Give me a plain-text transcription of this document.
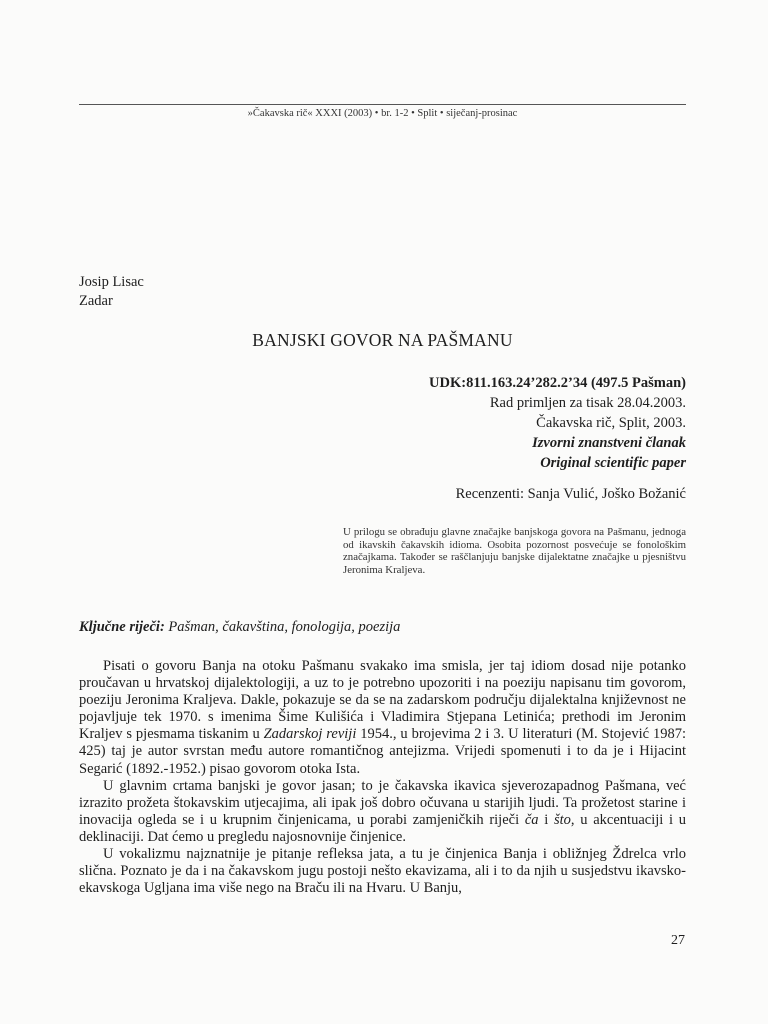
»Čakavska rič« XXXI (2003) • br. 1-2 • Split • siječanj-prosinac
Josip Lisac
Zadar
BANJSKI GOVOR NA PAŠMANU
UDK:811.163.24’282.2’34 (497.5 Pašman)
Rad primljen za tisak 28.04.2003.
Čakavska rič, Split, 2003.
Izvorni znanstveni članak
Original scientific paper
Recenzenti: Sanja Vulić, Joško Božanić
U prilogu se obrađuju glavne značajke banjskoga govora na Pašmanu, jednoga od ikavskih čakavskih idioma. Osobita pozornost posvećuje se fonološkim značajkama. Također se raščlanjuju banjske dijalektatne značajke u pjesništvu Jeronima Kraljeva.
Ključne riječi: Pašman, čakavština, fonologija, poezija

Pisati o govoru Banja na otoku Pašmanu svakako ima smisla, jer taj idiom dosad nije potanko proučavan u hrvatskoj dijalektologiji, a uz to je potrebno upozoriti i na poeziju napisanu tim govorom, poeziju Jeronima Kraljeva. Dakle, pokazuje se da se na zadarskom području dijalektalna književnost ne pojavljuje tek 1970. s imenima Šime Kulišića i Vladimira Stjepana Letinića; prethodi im Jeronim Kraljev s pjesmama tiskanim u Zadarskoj reviji 1954., u brojevima 2 i 3. U literaturi (M. Stojević 1987: 425) taj je autor svrstan među autore romantičnog antejizma. Vrijedi spomenuti i to da je i Hijacint Segarić (1892.-1952.) pisao govorom otoka Ista.

U glavnim crtama banjski je govor jasan; to je čakavska ikavica sjeverozapadnog Pašmana, već izrazito prožeta štokavskim utjecajima, ali ipak još dobro očuvana u starijih ljudi. Ta prožetost starine i inovacija ogleda se i u krupnim činjenicama, u porabi zamjeničkih riječi ča i što, u akcentuaciji i u deklinaciji. Dat ćemo u pregledu najosnovnije činjenice.

U vokalizmu najznatnije je pitanje refleksa jata, a tu je činjenica Banja i obližnjeg Ždrelca vrlo slična. Poznato je da i na čakavskom jugu postoji nešto ekavizama, ali i to da njih u susjedstvu ikavsko-ekavskoga Ugljana ima više nego na Braču ili na Hvaru. U Banju,

27
